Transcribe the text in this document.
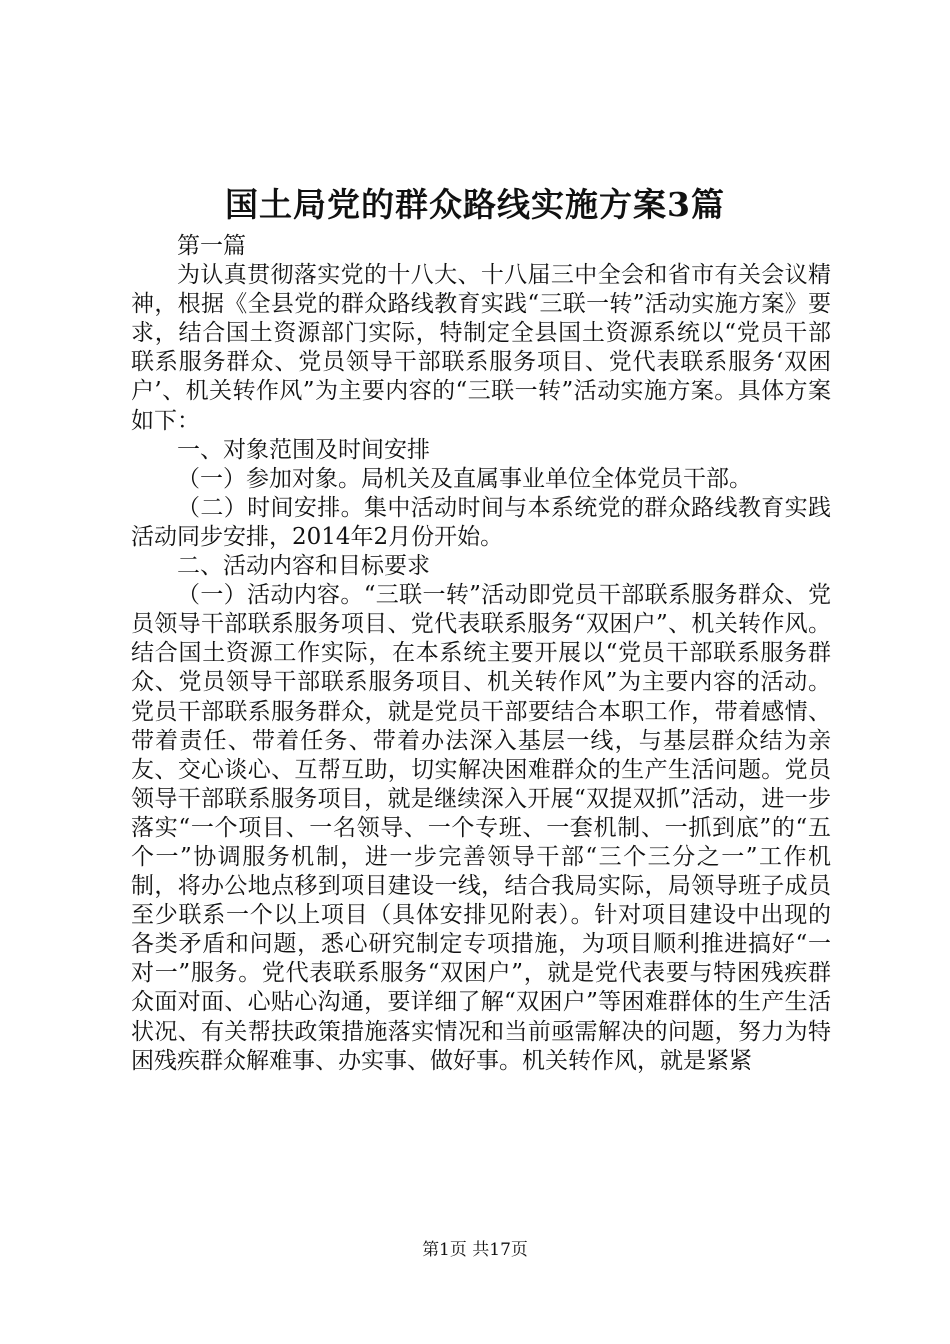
国土局党的群众路线实施方案3篇

第一篇

为认真贯彻落实党的十八大、十八届三中全会和省市有关会议精神，根据《全县党的群众路线教育实践“三联一转”活动实施方案》要求，结合国土资源部门实际，特制定全县国土资源系统以“党员干部联系服务群众、党员领导干部联系服务项目、党代表联系服务‘双困户’、机关转作风”为主要内容的“三联一转”活动实施方案。具体方案如下：

一、对象范围及时间安排

（一）参加对象。局机关及直属事业单位全体党员干部。

（二）时间安排。集中活动时间与本系统党的群众路线教育实践活动同步安排，2014年2月份开始。

二、活动内容和目标要求

（一）活动内容。“三联一转”活动即党员干部联系服务群众、党员领导干部联系服务项目、党代表联系服务“双困户”、机关转作风。结合国土资源工作实际，在本系统主要开展以“党员干部联系服务群众、党员领导干部联系服务项目、机关转作风”为主要内容的活动。党员干部联系服务群众，就是党员干部要结合本职工作，带着感情、带着责任、带着任务、带着办法深入基层一线，与基层群众结为亲友、交心谈心、互帮互助，切实解决困难群众的生产生活问题。党员领导干部联系服务项目，就是继续深入开展“双提双抓”活动，进一步落实“一个项目、一名领导、一个专班、一套机制、一抓到底”的“五个一”协调服务机制，进一步完善领导干部“三个三分之一”工作机制，将办公地点移到项目建设一线，结合我局实际，局领导班子成员至少联系一个以上项目（具体安排见附表）。针对项目建设中出现的各类矛盾和问题，悉心研究制定专项措施，为项目顺利推进搞好“一对一”服务。党代表联系服务“双困户”，就是党代表要与特困残疾群众面对面、心贴心沟通，要详细了解“双困户”等困难群体的生产生活状况、有关帮扶政策措施落实情况和当前亟需解决的问题，努力为特困残疾群众解难事、办实事、做好事。机关转作风，就是紧紧

第1页 共17页
